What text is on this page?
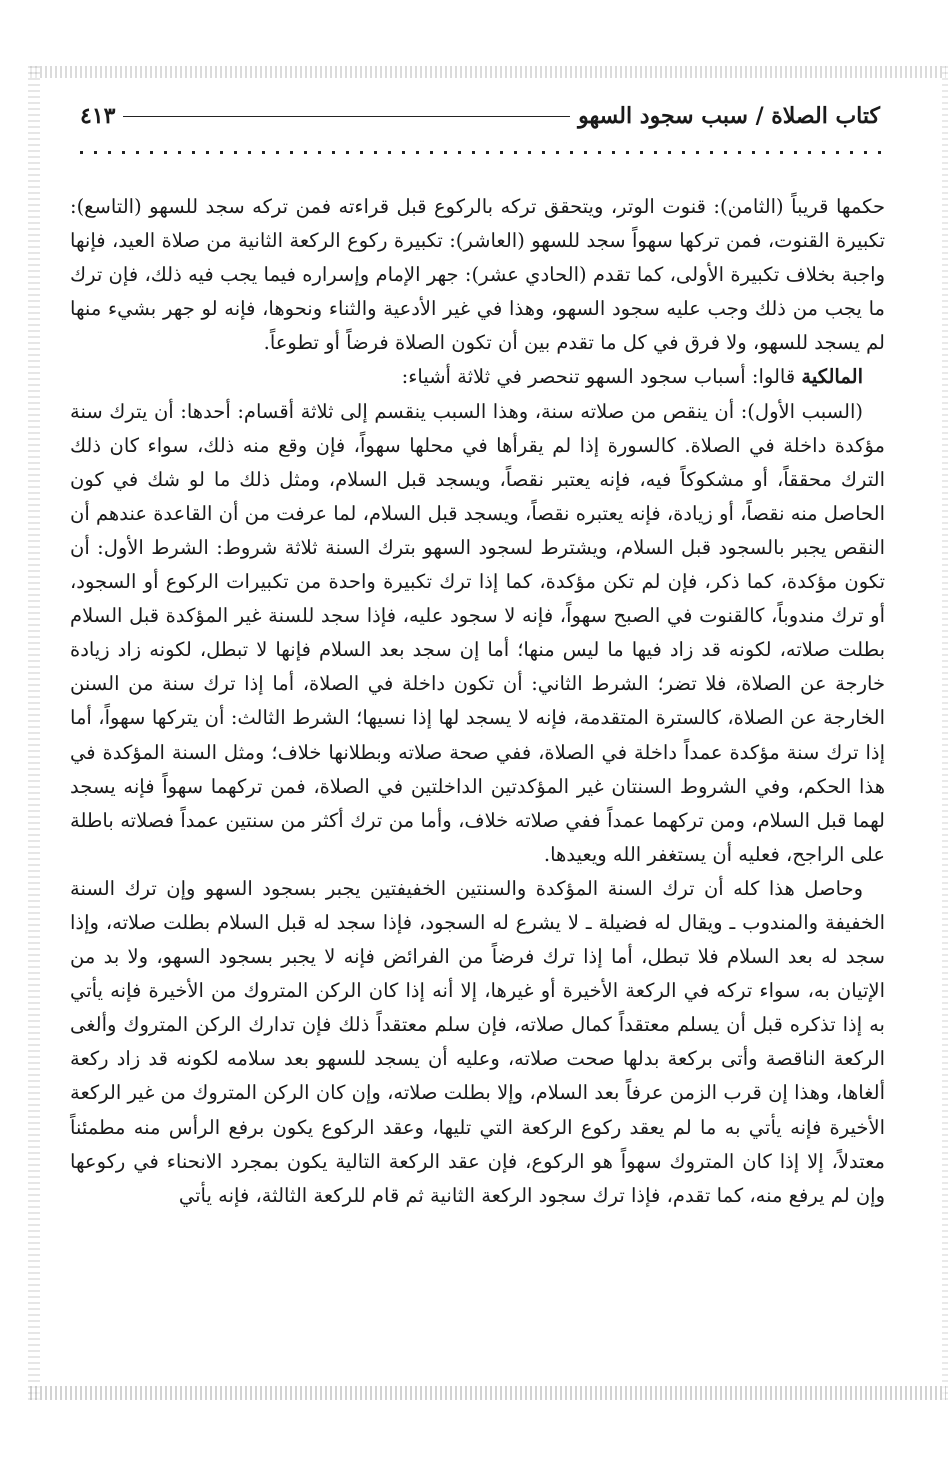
كتاب الصلاة / سبب سجود السهو
٤١٣

حكمها قريباً (الثامن): قنوت الوتر، ويتحقق تركه بالركوع قبل قراءته فمن تركه سجد للسهو (التاسع): تكبيرة القنوت، فمن تركها سهواً سجد للسهو (العاشر): تكبيرة ركوع الركعة الثانية من صلاة العيد، فإنها واجبة بخلاف تكبيرة الأولى، كما تقدم (الحادي عشر): جهر الإمام وإسراره فيما يجب فيه ذلك، فإن ترك ما يجب من ذلك وجب عليه سجود السهو، وهذا في غير الأدعية والثناء ونحوها، فإنه لو جهر بشيء منها لم يسجد للسهو، ولا فرق في كل ما تقدم بين أن تكون الصلاة فرضاً أو تطوعاً.

المالكية قالوا: أسباب سجود السهو تنحصر في ثلاثة أشياء:

(السبب الأول): أن ينقص من صلاته سنة، وهذا السبب ينقسم إلى ثلاثة أقسام: أحدها: أن يترك سنة مؤكدة داخلة في الصلاة. كالسورة إذا لم يقرأها في محلها سهواً، فإن وقع منه ذلك، سواء كان ذلك الترك محققاً، أو مشكوكاً فيه، فإنه يعتبر نقصاً، ويسجد قبل السلام، ومثل ذلك ما لو شك في كون الحاصل منه نقصاً، أو زيادة، فإنه يعتبره نقصاً، ويسجد قبل السلام، لما عرفت من أن القاعدة عندهم أن النقص يجبر بالسجود قبل السلام، ويشترط لسجود السهو بترك السنة ثلاثة شروط: الشرط الأول: أن تكون مؤكدة، كما ذكر، فإن لم تكن مؤكدة، كما إذا ترك تكبيرة واحدة من تكبيرات الركوع أو السجود، أو ترك مندوباً، كالقنوت في الصبح سهواً، فإنه لا سجود عليه، فإذا سجد للسنة غير المؤكدة قبل السلام بطلت صلاته، لكونه قد زاد فيها ما ليس منها؛ أما إن سجد بعد السلام فإنها لا تبطل، لكونه زاد زيادة خارجة عن الصلاة، فلا تضر؛ الشرط الثاني: أن تكون داخلة في الصلاة، أما إذا ترك سنة من السنن الخارجة عن الصلاة، كالسترة المتقدمة، فإنه لا يسجد لها إذا نسيها؛ الشرط الثالث: أن يتركها سهواً، أما إذا ترك سنة مؤكدة عمداً داخلة في الصلاة، ففي صحة صلاته وبطلانها خلاف؛ ومثل السنة المؤكدة في هذا الحكم، وفي الشروط السنتان غير المؤكدتين الداخلتين في الصلاة، فمن تركهما سهواً فإنه يسجد لهما قبل السلام، ومن تركهما عمداً ففي صلاته خلاف، وأما من ترك أكثر من سنتين عمداً فصلاته باطلة على الراجح، فعليه أن يستغفر الله ويعيدها.

وحاصل هذا كله أن ترك السنة المؤكدة والسنتين الخفيفتين يجبر بسجود السهو وإن ترك السنة الخفيفة والمندوب ـ ويقال له فضيلة ـ لا يشرع له السجود، فإذا سجد له قبل السلام بطلت صلاته، وإذا سجد له بعد السلام فلا تبطل، أما إذا ترك فرضاً من الفرائض فإنه لا يجبر بسجود السهو، ولا بد من الإتيان به، سواء تركه في الركعة الأخيرة أو غيرها، إلا أنه إذا كان الركن المتروك من الأخيرة فإنه يأتي به إذا تذكره قبل أن يسلم معتقداً كمال صلاته، فإن سلم معتقداً ذلك فإن تدارك الركن المتروك وألغى الركعة الناقصة وأتى بركعة بدلها صحت صلاته، وعليه أن يسجد للسهو بعد سلامه لكونه قد زاد ركعة ألغاها، وهذا إن قرب الزمن عرفاً بعد السلام، وإلا بطلت صلاته، وإن كان الركن المتروك من غير الركعة الأخيرة فإنه يأتي به ما لم يعقد ركوع الركعة التي تليها، وعقد الركوع يكون برفع الرأس منه مطمئناً معتدلاً، إلا إذا كان المتروك سهواً هو الركوع، فإن عقد الركعة التالية يكون بمجرد الانحناء في ركوعها وإن لم يرفع منه، كما تقدم، فإذا ترك سجود الركعة الثانية ثم قام للركعة الثالثة، فإنه يأتي
